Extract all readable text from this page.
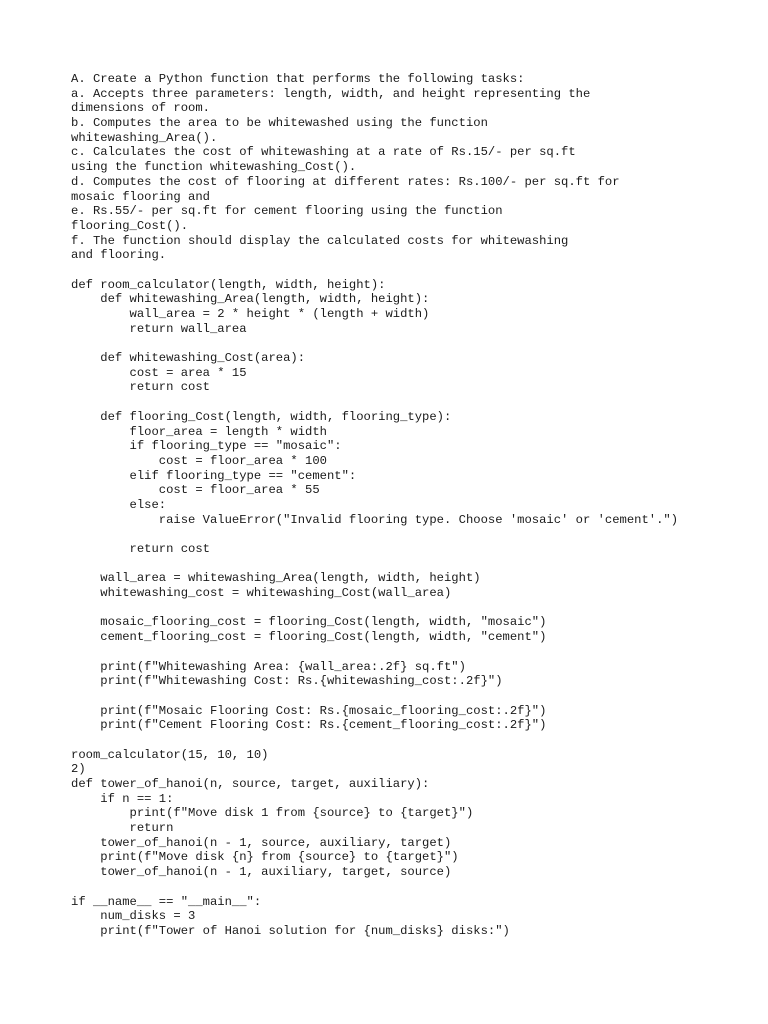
A. Create a Python function that performs the following tasks:
a. Accepts three parameters: length, width, and height representing the
dimensions of room.
b. Computes the area to be whitewashed using the function
whitewashing_Area().
c. Calculates the cost of whitewashing at a rate of Rs.15/- per sq.ft
using the function whitewashing_Cost().
d. Computes the cost of flooring at different rates: Rs.100/- per sq.ft for
mosaic flooring and
e. Rs.55/- per sq.ft for cement flooring using the function
flooring_Cost().
f. The function should display the calculated costs for whitewashing
and flooring.
def room_calculator(length, width, height):
def whitewashing_Area(length, width, height):
wall_area = 2 * height * (length + width)
return wall_area
def whitewashing_Cost(area):
cost = area * 15
return cost
def flooring_Cost(length, width, flooring_type):
floor_area = length * width
if flooring_type == "mosaic":
cost = floor_area * 100
elif flooring_type == "cement":
cost = floor_area * 55
else:
raise ValueError("Invalid flooring type. Choose 'mosaic' or 'cement'.")
return cost
wall_area = whitewashing_Area(length, width, height)
whitewashing_cost = whitewashing_Cost(wall_area)
mosaic_flooring_cost = flooring_Cost(length, width, "mosaic")
cement_flooring_cost = flooring_Cost(length, width, "cement")
print(f"Whitewashing Area: {wall_area:.2f} sq.ft")
print(f"Whitewashing Cost: Rs.{whitewashing_cost:.2f}")
print(f"Mosaic Flooring Cost: Rs.{mosaic_flooring_cost:.2f}")
print(f"Cement Flooring Cost: Rs.{cement_flooring_cost:.2f}")
room_calculator(15, 10, 10)
2)
def tower_of_hanoi(n, source, target, auxiliary):
if n == 1:
print(f"Move disk 1 from {source} to {target}")
return
tower_of_hanoi(n - 1, source, auxiliary, target)
print(f"Move disk {n} from {source} to {target}")
tower_of_hanoi(n - 1, auxiliary, target, source)
if __name__ == "__main__":
num_disks = 3
print(f"Tower of Hanoi solution for {num_disks} disks:")
